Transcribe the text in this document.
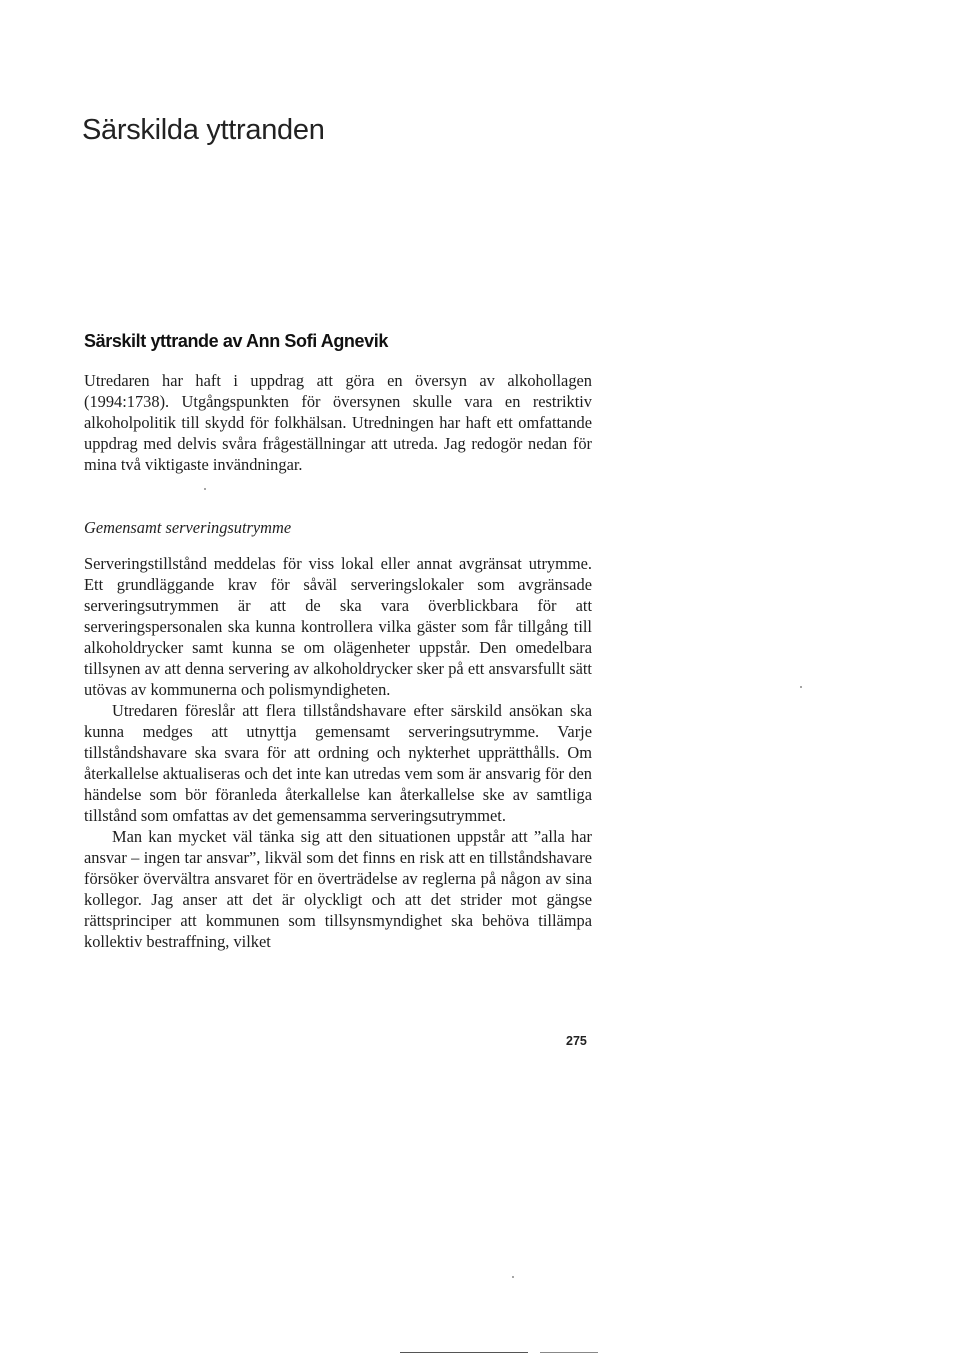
Särskilda yttranden
Särskilt yttrande av Ann Sofi Agnevik

Utredaren har haft i uppdrag att göra en översyn av alkohollagen (1994:1738). Utgångspunkten för översynen skulle vara en restriktiv alkoholpolitik till skydd för folkhälsan. Utredningen har haft ett omfattande uppdrag med delvis svåra frågeställningar att utreda. Jag redogör nedan för mina två viktigaste invändningar.

Gemensamt serveringsutrymme

Serveringstillstånd meddelas för viss lokal eller annat avgränsat utrymme. Ett grundläggande krav för såväl serveringslokaler som avgränsade serveringsutrymmen är att de ska vara överblickbara för att serveringspersonalen ska kunna kontrollera vilka gäster som får tillgång till alkoholdrycker samt kunna se om olägenheter uppstår. Den omedelbara tillsynen av att denna servering av alkoholdrycker sker på ett ansvarsfullt sätt utövas av kommunerna och polismyndigheten.

Utredaren föreslår att flera tillståndshavare efter särskild ansökan ska kunna medges att utnyttja gemensamt serveringsutrymme. Varje tillståndshavare ska svara för att ordning och nykterhet upprätthålls. Om återkallelse aktualiseras och det inte kan utredas vem som är ansvarig för den händelse som bör föranleda återkallelse kan återkallelse ske av samtliga tillstånd som omfattas av det gemensamma serveringsutrymmet.

Man kan mycket väl tänka sig att den situationen uppstår att ”alla har ansvar – ingen tar ansvar”, likväl som det finns en risk att en tillståndshavare försöker övervältra ansvaret för en överträdelse av reglerna på någon av sina kollegor. Jag anser att det är olyckligt och att det strider mot gängse rättsprinciper att kommunen som tillsynsmyndighet ska behöva tillämpa kollektiv bestraffning, vilket

275
